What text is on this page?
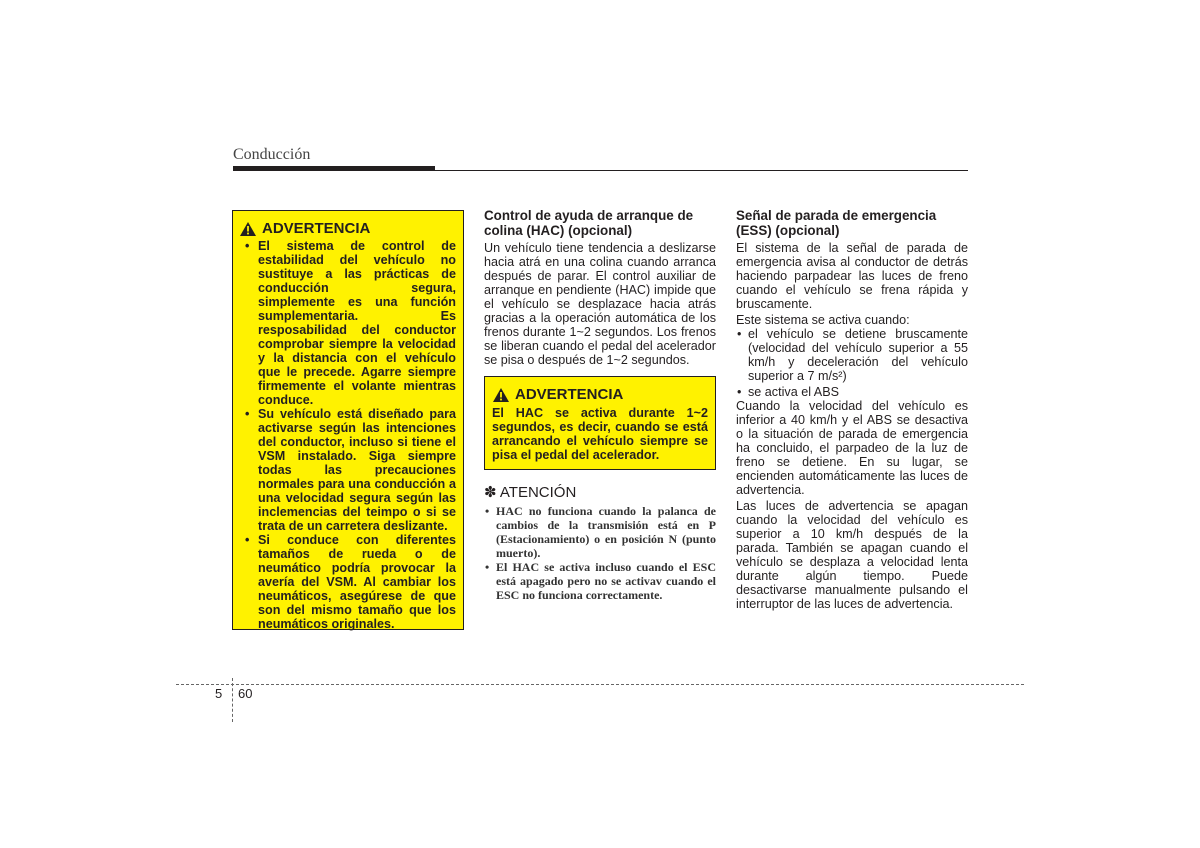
Conducción
ADVERTENCIA
• El sistema de control de estabilidad del vehículo no sustituye a las prácticas de conducción segura, simplemente es una función sumplementaria. Es resposabilidad del conductor comprobar siempre la velocidad y la distancia con el vehículo que le precede. Agarre siempre firmemente el volante mientras conduce.
• Su vehículo está diseñado para activarse según las intenciones del conductor, incluso si tiene el VSM instalado. Siga siempre todas las precauciones normales para una conducción a una velocidad segura según las inclemencias del teimpo o si se trata de un carretera deslizante.
• Si conduce con diferentes tamaños de rueda o de neumático podría provocar la avería del VSM. Al cambiar los neumáticos, asegúrese de que son del mismo tamaño que los neumáticos originales.
Control de ayuda de arranque de colina (HAC) (opcional)

Un vehículo tiene tendencia a deslizarse hacia atrá en una colina cuando arranca después de parar. El control auxiliar de arranque en pendiente (HAC) impide que el vehículo se desplazace hacia atrás gracias a la operación automática de los frenos durante 1~2 segundos. Los frenos se liberan cuando el pedal del acelerador se pisa o después de 1~2 segundos.

ADVERTENCIA
El HAC se activa durante 1~2 segundos, es decir, cuando se está arrancando el vehículo siempre se pisa el pedal del acelerador.
✽ ATENCIÓN
• HAC no funciona cuando la palanca de cambios de la transmisión está en P (Estacionamiento) o en posición N (punto muerto).
• El HAC se activa incluso cuando el ESC está apagado pero no se activav cuando el ESC no funciona correctamente.
Señal de parada de emergencia (ESS) (opcional)

El sistema de la señal de parada de emergencia avisa al conductor de detrás haciendo parpadear las luces de freno cuando el vehículo se frena rápida y bruscamente.

Este sistema se activa cuando:

• el vehículo se detiene bruscamente (velocidad del vehículo superior a 55 km/h y deceleración del vehículo superior a 7 m/s²)
• se activa el ABS

Cuando la velocidad del vehículo es inferior a 40 km/h y el ABS se desactiva o la situación de parada de emergencia ha concluido, el parpadeo de la luz de freno se detiene. En su lugar, se encienden automáticamente las luces de advertencia.

Las luces de advertencia se apagan cuando la velocidad del vehículo es superior a 10 km/h después de la parada. También se apagan cuando el vehículo se desplaza a velocidad lenta durante algún tiempo. Puede desactivarse manualmente pulsando el interruptor de las luces de advertencia.

5 60
